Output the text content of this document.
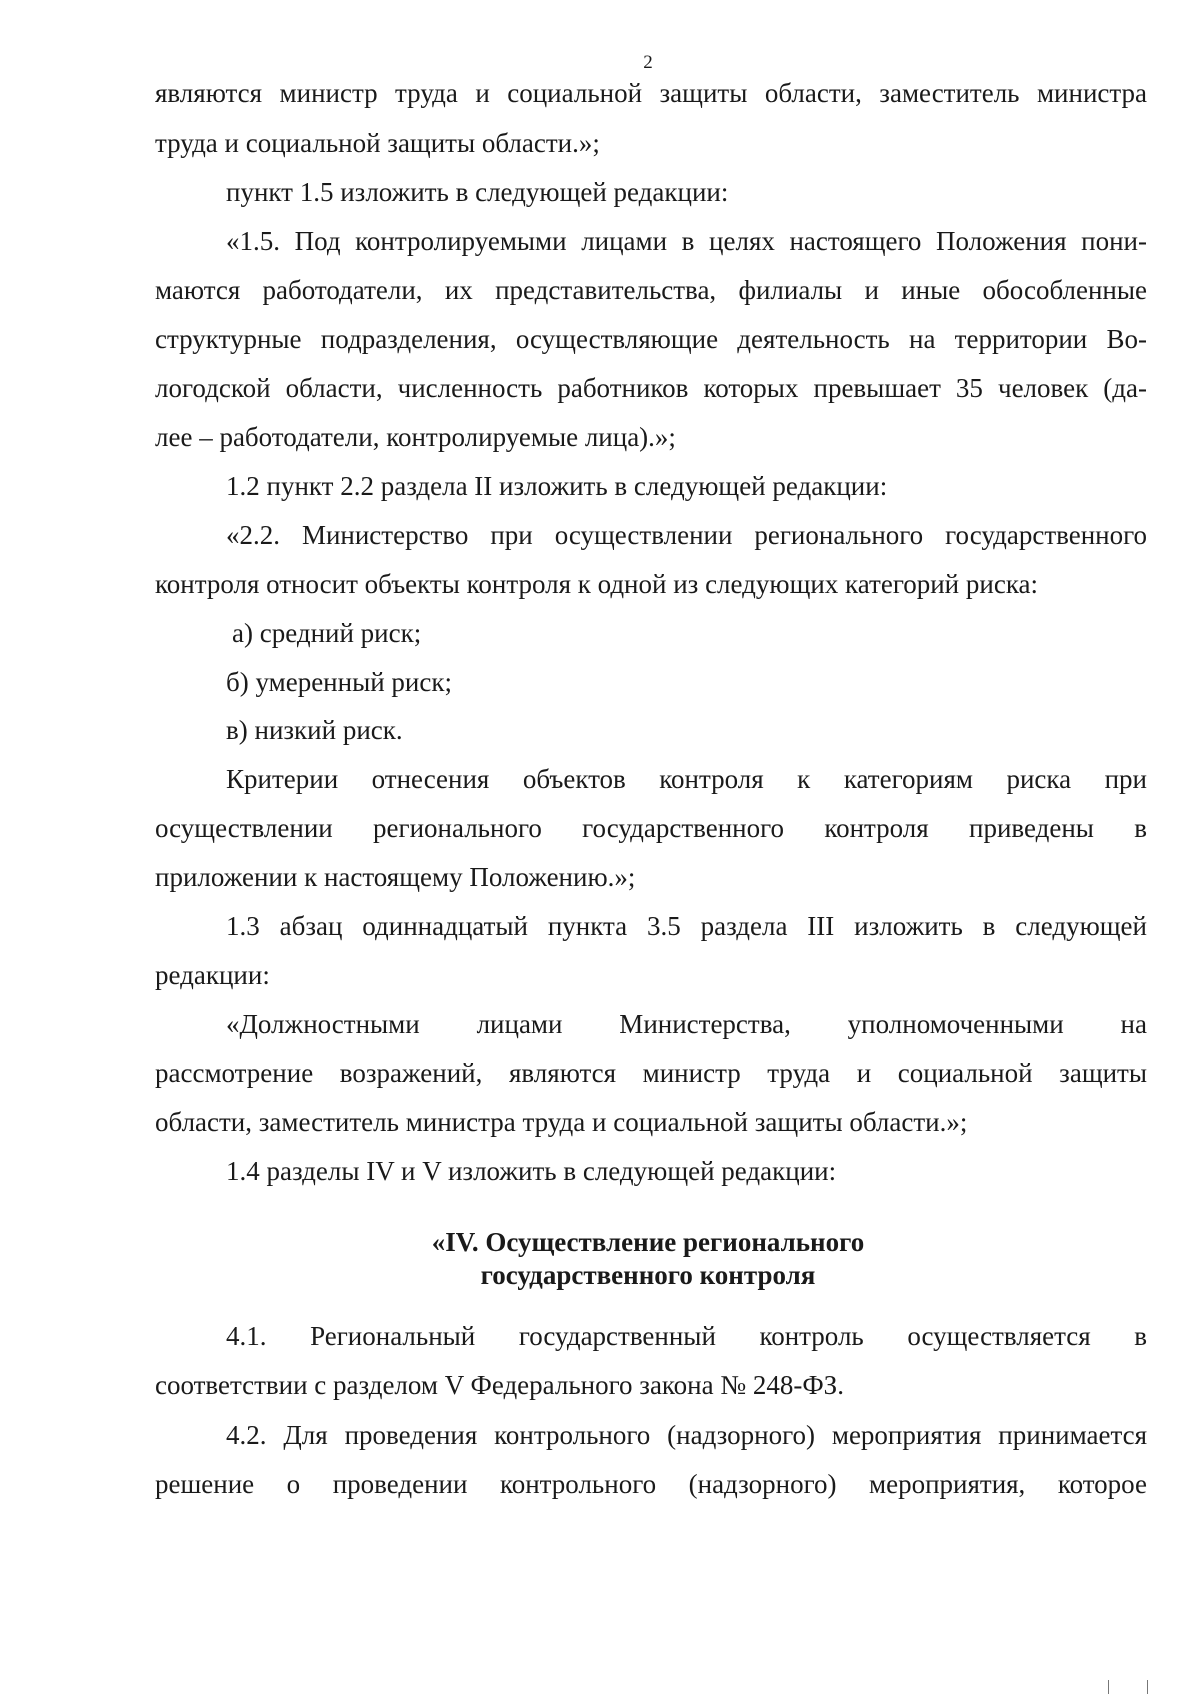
2

являются министр труда и социальной защиты области, заместитель министра

труда и социальной защиты области.»;

пункт 1.5 изложить в следующей редакции:

«1.5. Под контролируемыми лицами в целях настоящего Положения пони-

маются работодатели, их представительства, филиалы и иные обособленные

структурные подразделения, осуществляющие деятельность на территории Во-

логодской области, численность работников которых превышает 35 человек (да-

лее – работодатели, контролируемые лица).»;

1.2 пункт 2.2 раздела II изложить в следующей редакции:

«2.2. Министерство при осуществлении регионального государственного

контроля относит объекты контроля к одной из следующих категорий риска:

а) средний риск;

б) умеренный риск;

в) низкий риск.

Критерии отнесения объектов контроля к категориям риска при

осуществлении регионального государственного контроля приведены в

приложении к настоящему Положению.»;

1.3 абзац одиннадцатый пункта 3.5 раздела III изложить в следующей

редакции:

«Должностными лицами Министерства, уполномоченными на

рассмотрение возражений, являются министр труда и социальной защиты

области, заместитель министра труда и социальной защиты области.»;

1.4 разделы IV и V изложить в следующей редакции:

«IV. Осуществление регионального

государственного контроля

4.1. Региональный государственный контроль осуществляется в

соответствии с разделом V Федерального закона № 248-ФЗ.

4.2. Для проведения контрольного (надзорного) мероприятия принимается

решение о проведении контрольного (надзорного) мероприятия, которое
